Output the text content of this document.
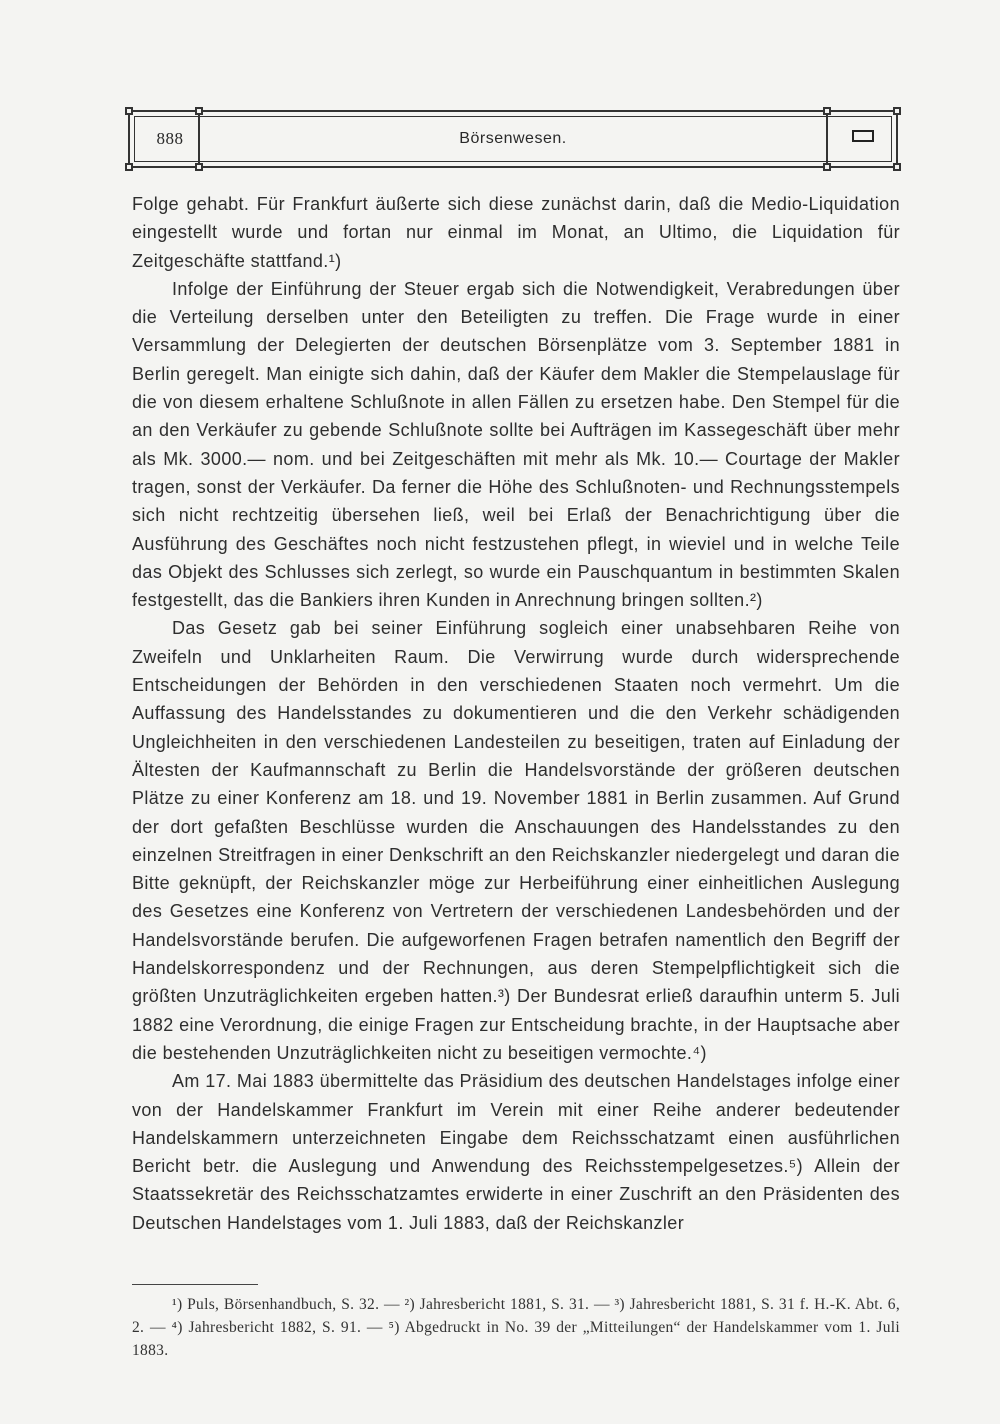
888	Börsenwesen.

Folge gehabt. Für Frankfurt äußerte sich diese zunächst darin, daß die Medio-Liquidation eingestellt wurde und fortan nur einmal im Monat, an Ultimo, die Liquidation für Zeitgeschäfte stattfand.¹)

Infolge der Einführung der Steuer ergab sich die Notwendigkeit, Verabredungen über die Verteilung derselben unter den Beteiligten zu treffen. Die Frage wurde in einer Versammlung der Delegierten der deutschen Börsenplätze vom 3. September 1881 in Berlin geregelt. Man einigte sich dahin, daß der Käufer dem Makler die Stempelauslage für die von diesem erhaltene Schlußnote in allen Fällen zu ersetzen habe. Den Stempel für die an den Verkäufer zu gebende Schlußnote sollte bei Aufträgen im Kassegeschäft über mehr als Mk. 3000.— nom. und bei Zeitgeschäften mit mehr als Mk. 10.— Courtage der Makler tragen, sonst der Verkäufer. Da ferner die Höhe des Schlußnoten- und Rechnungsstempels sich nicht rechtzeitig übersehen ließ, weil bei Erlaß der Benachrichtigung über die Ausführung des Geschäftes noch nicht festzustehen pflegt, in wieviel und in welche Teile das Objekt des Schlusses sich zerlegt, so wurde ein Pauschquantum in bestimmten Skalen festgestellt, das die Bankiers ihren Kunden in Anrechnung bringen sollten.²)

Das Gesetz gab bei seiner Einführung sogleich einer unabsehbaren Reihe von Zweifeln und Unklarheiten Raum. Die Verwirrung wurde durch widersprechende Entscheidungen der Behörden in den verschiedenen Staaten noch vermehrt. Um die Auffassung des Handelsstandes zu dokumentieren und die den Verkehr schädigenden Ungleichheiten in den verschiedenen Landesteilen zu beseitigen, traten auf Einladung der Ältesten der Kaufmannschaft zu Berlin die Handelsvorstände der größeren deutschen Plätze zu einer Konferenz am 18. und 19. November 1881 in Berlin zusammen. Auf Grund der dort gefaßten Beschlüsse wurden die Anschauungen des Handelsstandes zu den einzelnen Streitfragen in einer Denkschrift an den Reichskanzler niedergelegt und daran die Bitte geknüpft, der Reichskanzler möge zur Herbeiführung einer einheitlichen Auslegung des Gesetzes eine Konferenz von Vertretern der verschiedenen Landesbehörden und der Handelsvorstände berufen. Die aufgeworfenen Fragen betrafen namentlich den Begriff der Handelskorrespondenz und der Rechnungen, aus deren Stempelpflichtigkeit sich die größten Unzuträglichkeiten ergeben hatten.³) Der Bundesrat erließ daraufhin unterm 5. Juli 1882 eine Verordnung, die einige Fragen zur Entscheidung brachte, in der Hauptsache aber die bestehenden Unzuträglichkeiten nicht zu beseitigen vermochte.⁴)

Am 17. Mai 1883 übermittelte das Präsidium des deutschen Handelstages infolge einer von der Handelskammer Frankfurt im Verein mit einer Reihe anderer bedeutender Handelskammern unterzeichneten Eingabe dem Reichsschatzamt einen ausführlichen Bericht betr. die Auslegung und Anwendung des Reichsstempelgesetzes.⁵) Allein der Staatssekretär des Reichsschatzamtes erwiderte in einer Zuschrift an den Präsidenten des Deutschen Handelstages vom 1. Juli 1883, daß der Reichskanzler

¹) Puls, Börsenhandbuch, S. 32. — ²) Jahresbericht 1881, S. 31. — ³) Jahresbericht 1881, S. 31 f. H.-K. Abt. 6, 2. — ⁴) Jahresbericht 1882, S. 91. — ⁵) Abgedruckt in No. 39 der „Mitteilungen“ der Handelskammer vom 1. Juli 1883.
